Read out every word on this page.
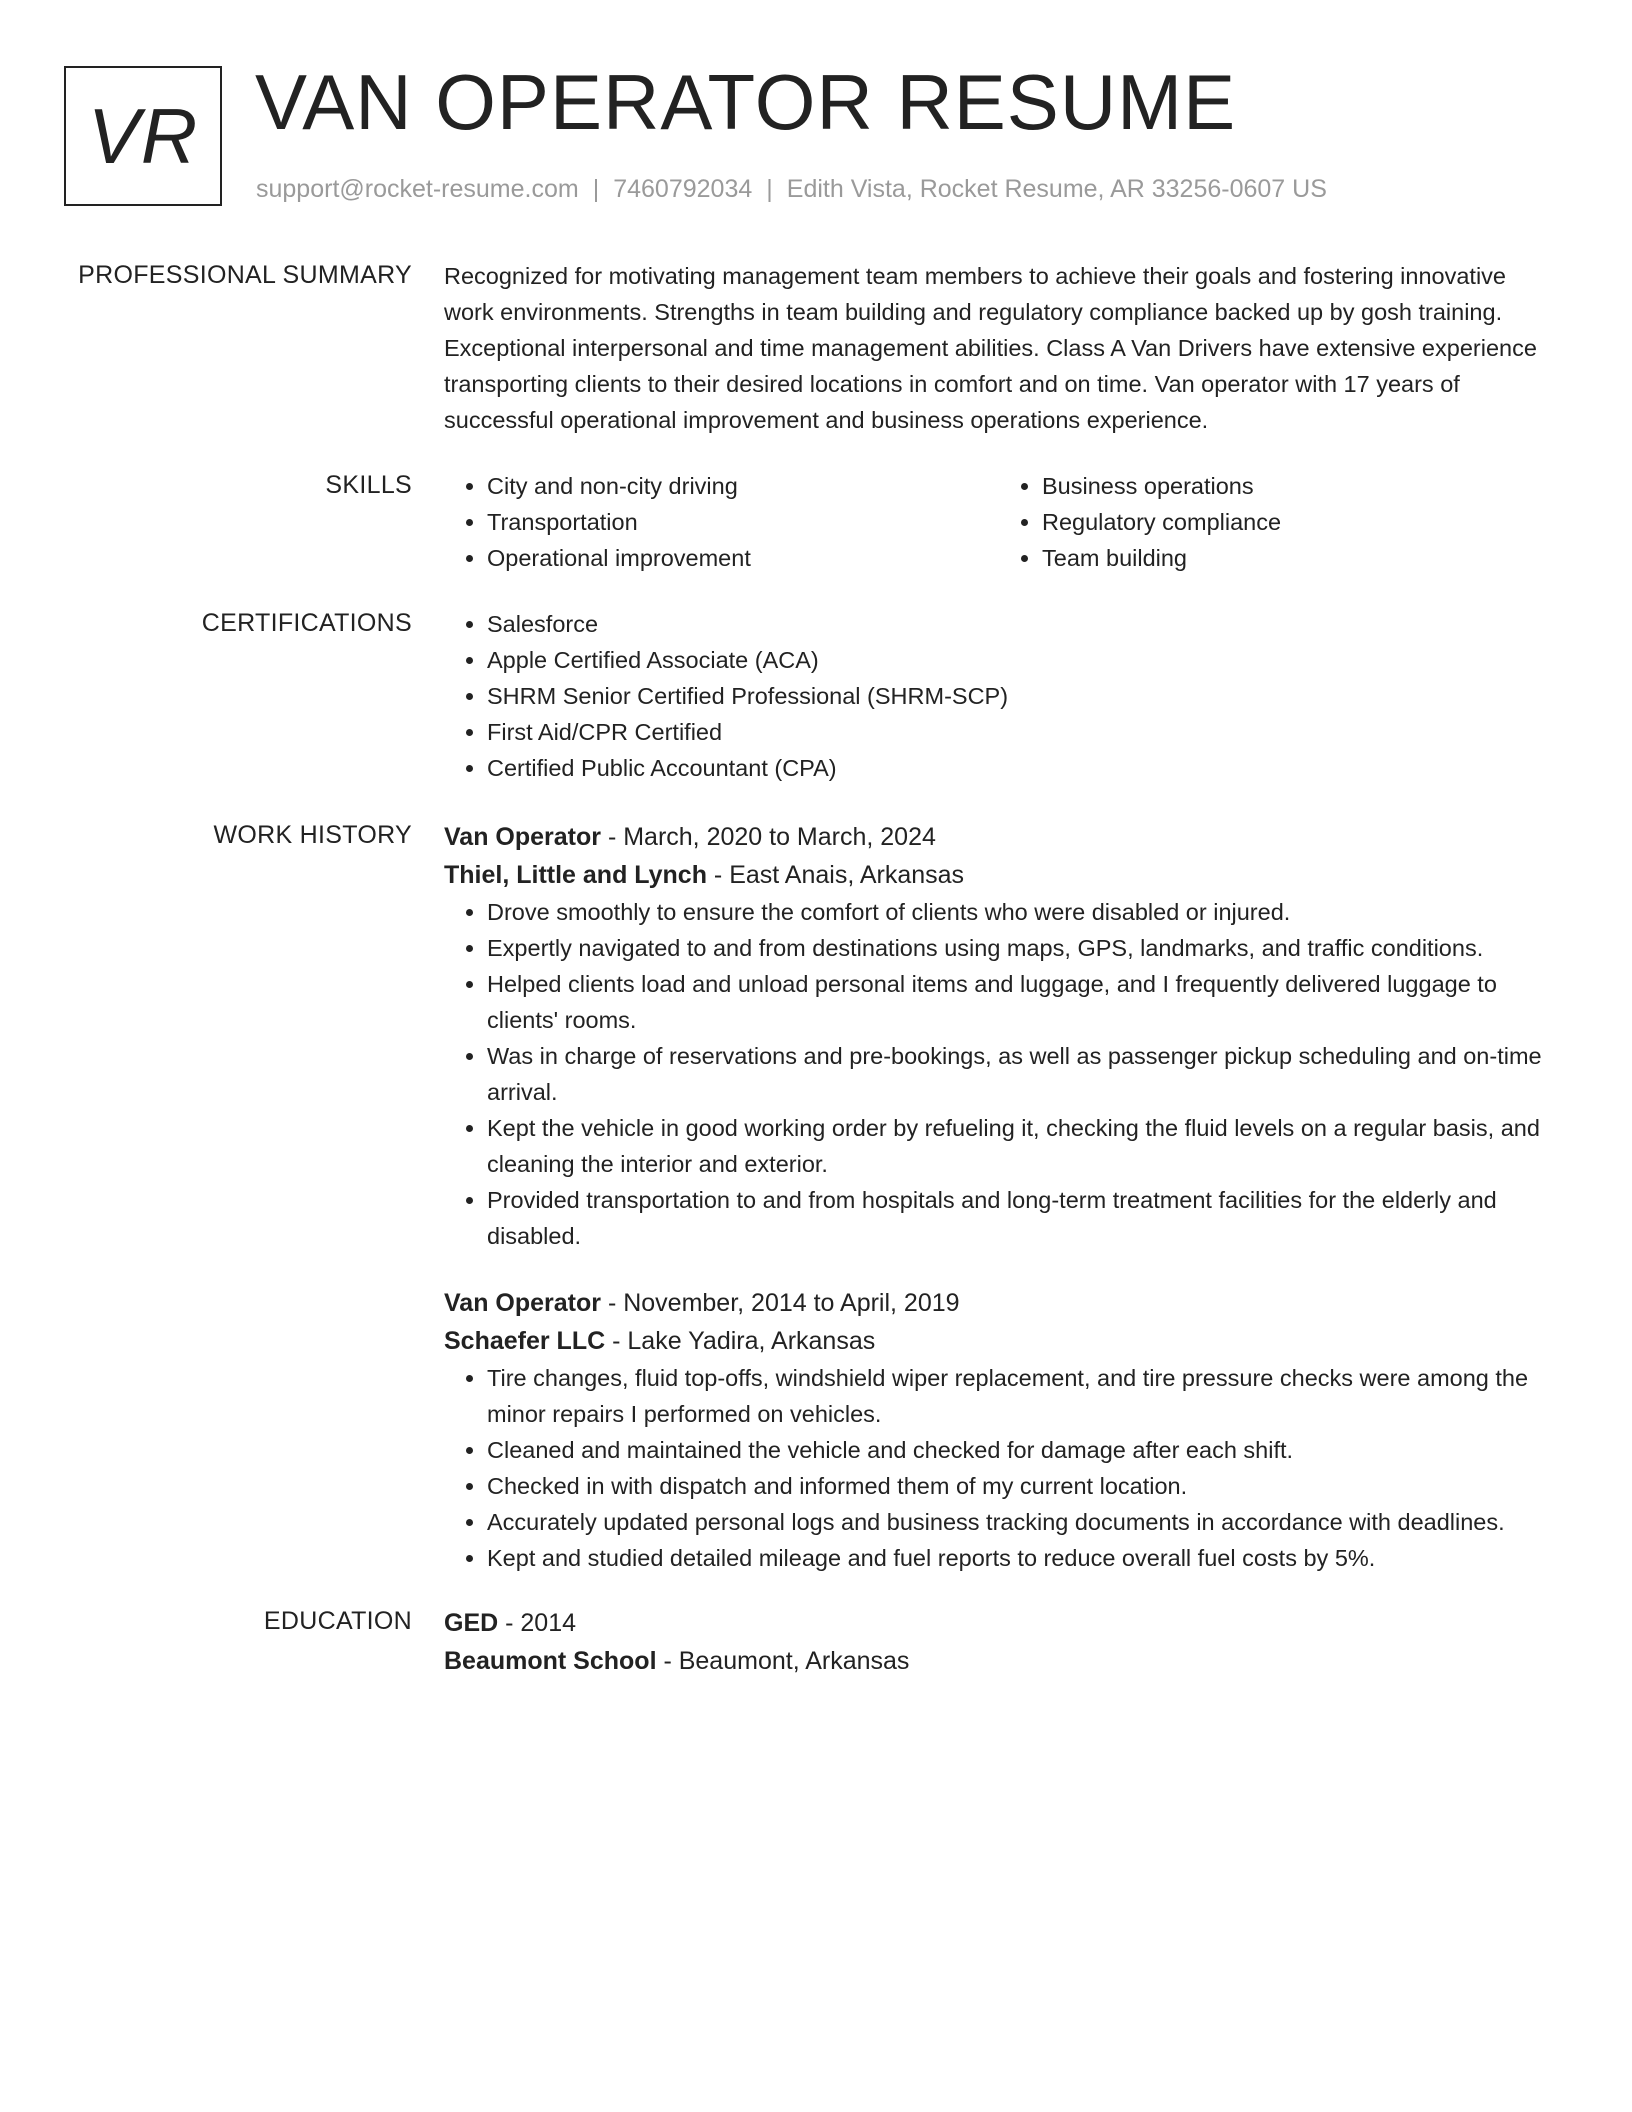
VR VAN OPERATOR RESUME
support@rocket-resume.com | 7460792034 | Edith Vista, Rocket Resume, AR 33256-0607 US
PROFESSIONAL SUMMARY Recognized for motivating management team members to achieve their goals and fostering innovative work environments. Strengths in team building and regulatory compliance backed up by gosh training. Exceptional interpersonal and time management abilities. Class A Van Drivers have extensive experience transporting clients to their desired locations in comfort and on time. Van operator with 17 years of successful operational improvement and business operations experience.

SKILLS	• City and non-city driving
• Transportation
• Operational improvement
• Business operations
• Regulatory compliance
• Team building
CERTIFICATIONS	• Salesforce
• Apple Certified Associate (ACA)
• SHRM Senior Certified Professional (SHRM-SCP)
• First Aid/CPR Certified
• Certified Public Accountant (CPA)
WORK HISTORY Van Operator - March, 2020 to March, 2024
Thiel, Little and Lynch - East Anais, Arkansas
• Drove smoothly to ensure the comfort of clients who were disabled or injured.
• Expertly navigated to and from destinations using maps, GPS, landmarks, and traffic conditions.
• Helped clients load and unload personal items and luggage, and I frequently delivered luggage to clients' rooms.
• Was in charge of reservations and pre-bookings, as well as passenger pickup scheduling and on-time arrival.
• Kept the vehicle in good working order by refueling it, checking the fluid levels on a regular basis, and cleaning the interior and exterior.
• Provided transportation to and from hospitals and long-term treatment facilities for the elderly and disabled.
Van Operator - November, 2014 to April, 2019
Schaefer LLC - Lake Yadira, Arkansas
• Tire changes, fluid top-offs, windshield wiper replacement, and tire pressure checks were among the minor repairs I performed on vehicles.
• Cleaned and maintained the vehicle and checked for damage after each shift.
• Checked in with dispatch and informed them of my current location.
• Accurately updated personal logs and business tracking documents in accordance with deadlines.
• Kept and studied detailed mileage and fuel reports to reduce overall fuel costs by 5%.
EDUCATION GED - 2014
Beaumont School - Beaumont, Arkansas
